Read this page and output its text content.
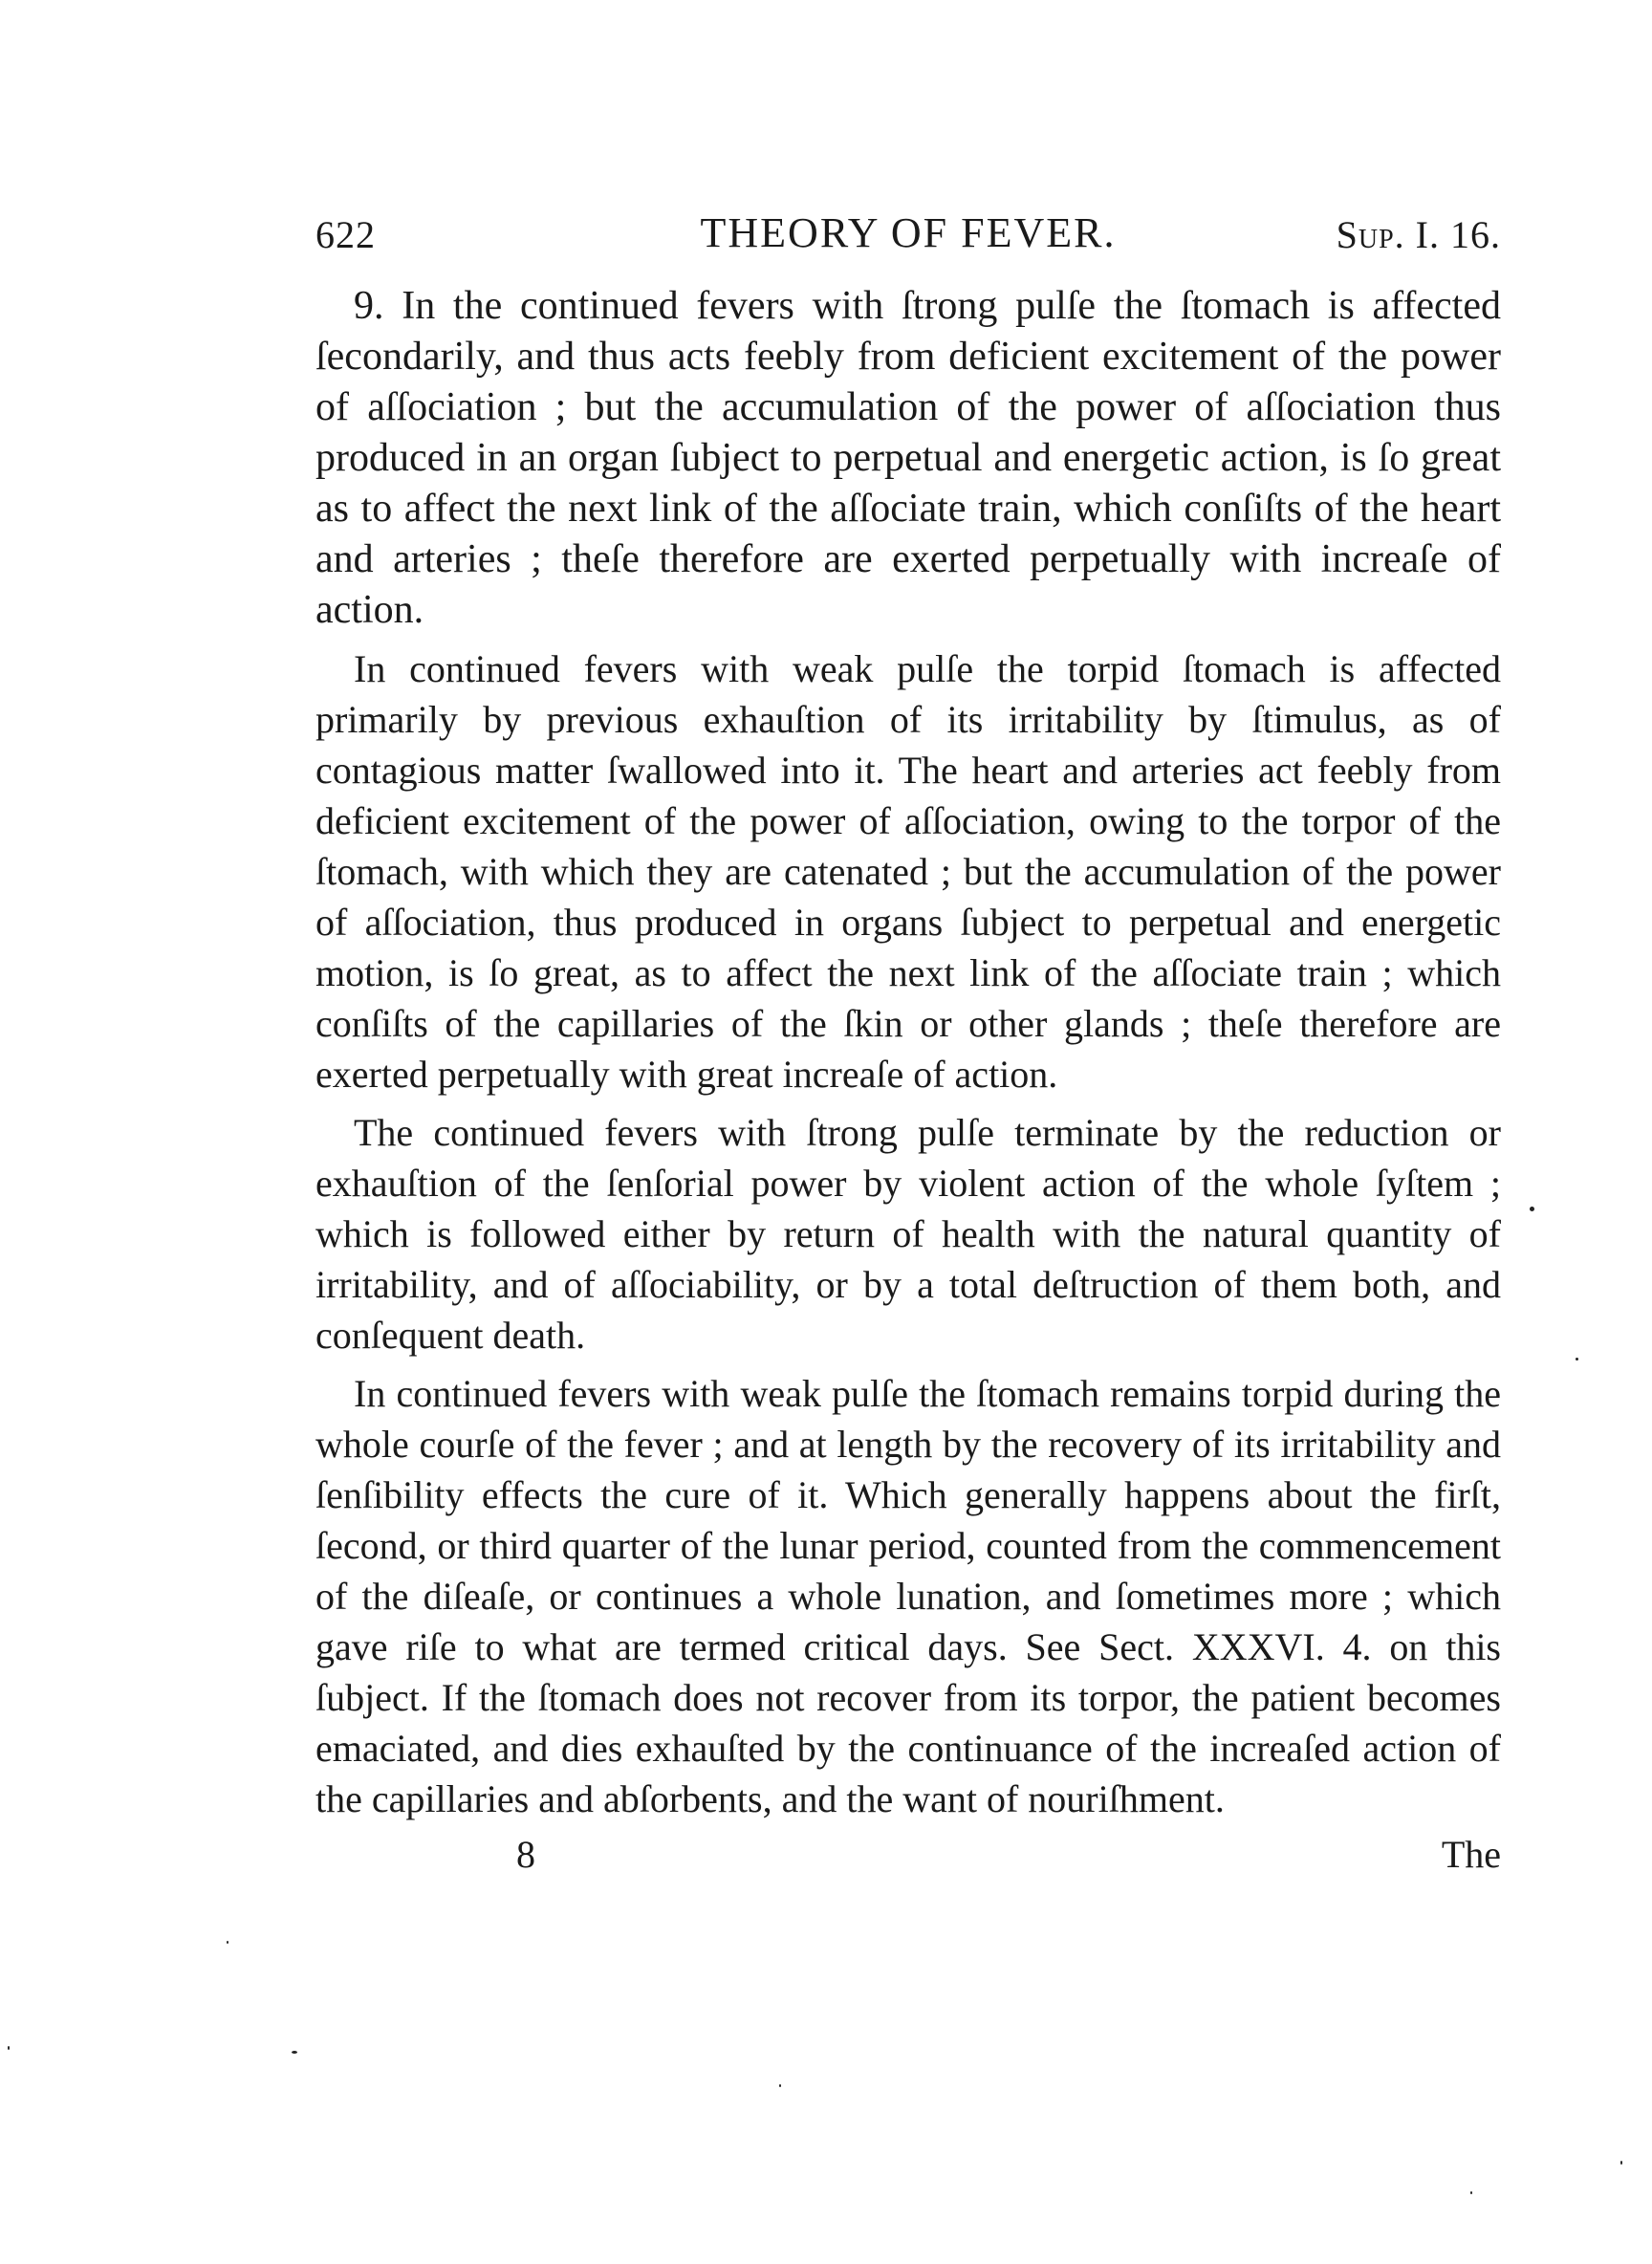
622	THEORY OF FEVER.	Sup. I. 16.

9. In the continued fevers with ſtrong pulſe the ſtomach is affected ſecondarily, and thus acts feebly from deficient excitement of the power of aſſociation ; but the accumulation of the power of aſſociation thus produced in an organ ſubject to perpetual and energetic action, is ſo great as to affect the next link of the aſſociate train, which conſiſts of the heart and arteries ; theſe therefore are exerted perpetually with increaſe of action.

In continued fevers with weak pulſe the torpid ſtomach is affected primarily by previous exhauſtion of its irritability by ſtimulus, as of contagious matter ſwallowed into it. The heart and arteries act feebly from deficient excitement of the power of aſſociation, owing to the torpor of the ſtomach, with which they are catenated ; but the accumulation of the power of aſſociation, thus produced in organs ſubject to perpetual and energetic motion, is ſo great, as to affect the next link of the aſſociate train ; which conſiſts of the capillaries of the ſkin or other glands ; theſe therefore are exerted perpetually with great increaſe of action.

The continued fevers with ſtrong pulſe terminate by the reduction or exhauſtion of the ſenſorial power by violent action of the whole ſyſtem ; which is followed either by return of health with the natural quantity of irritability, and of aſſociability, or by a total deſtruction of them both, and conſequent death.

In continued fevers with weak pulſe the ſtomach remains torpid during the whole courſe of the fever ; and at length by the recovery of its irritability and ſenſibility effects the cure of it. Which generally happens about the firſt, ſecond, or third quarter of the lunar period, counted from the commencement of the diſeaſe, or continues a whole lunation, and ſometimes more ; which gave riſe to what are termed critical days. See Sect. XXXVI. 4. on this ſubject. If the ſtomach does not recover from its torpor, the patient becomes emaciated, and dies exhauſted by the continuance of the increaſed action of the capillaries and abſorbents, and the want of nouriſhment.

8	The
